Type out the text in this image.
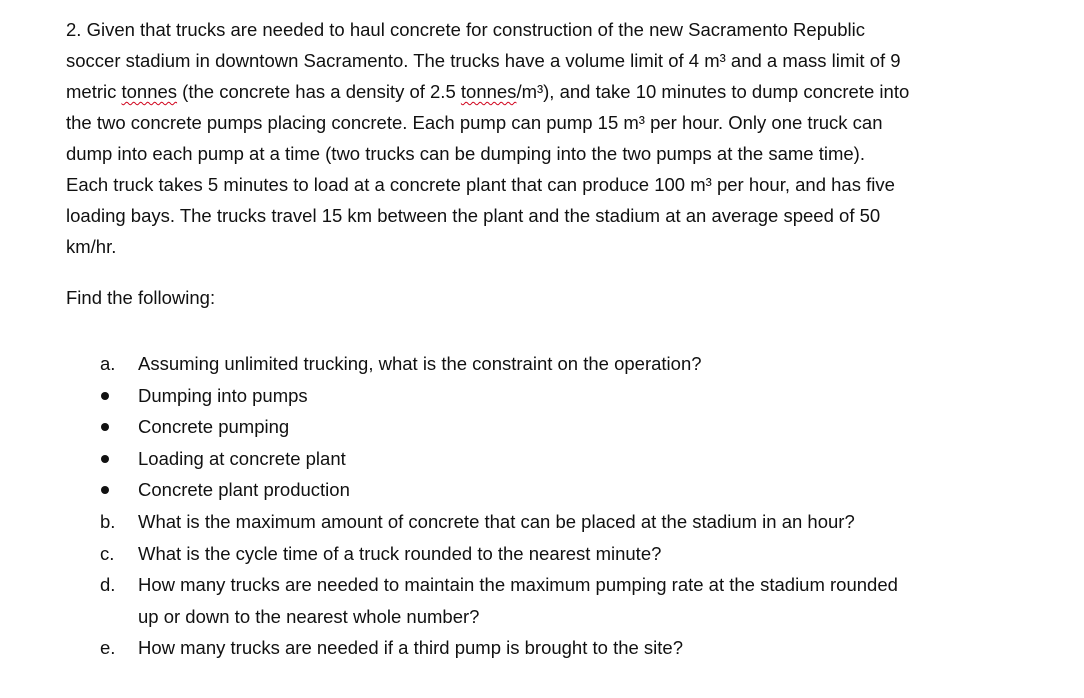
2. Given that trucks are needed to haul concrete for construction of the new Sacramento Republic
soccer stadium in downtown Sacramento. The trucks have a volume limit of 4 m³ and a mass limit of 9
metric tonnes (the concrete has a density of 2.5 tonnes/m³), and take 10 minutes to dump concrete into
the two concrete pumps placing concrete. Each pump can pump 15 m³ per hour. Only one truck can
dump into each pump at a time (two trucks can be dumping into the two pumps at the same time).
Each truck takes 5 minutes to load at a concrete plant that can produce 100 m³ per hour, and has five
loading bays. The trucks travel 15 km between the plant and the stadium at an average speed of 50
km/hr.

Find the following:

a.	Assuming unlimited trucking, what is the constraint on the operation?
Dumping into pumps
Concrete pumping
Loading at concrete plant
Concrete plant production
b.	What is the maximum amount of concrete that can be placed at the stadium in an hour?
c.	What is the cycle time of a truck rounded to the nearest minute?
d.	How many trucks are needed to maintain the maximum pumping rate at the stadium rounded
up or down to the nearest whole number?
e.	How many trucks are needed if a third pump is brought to the site?
